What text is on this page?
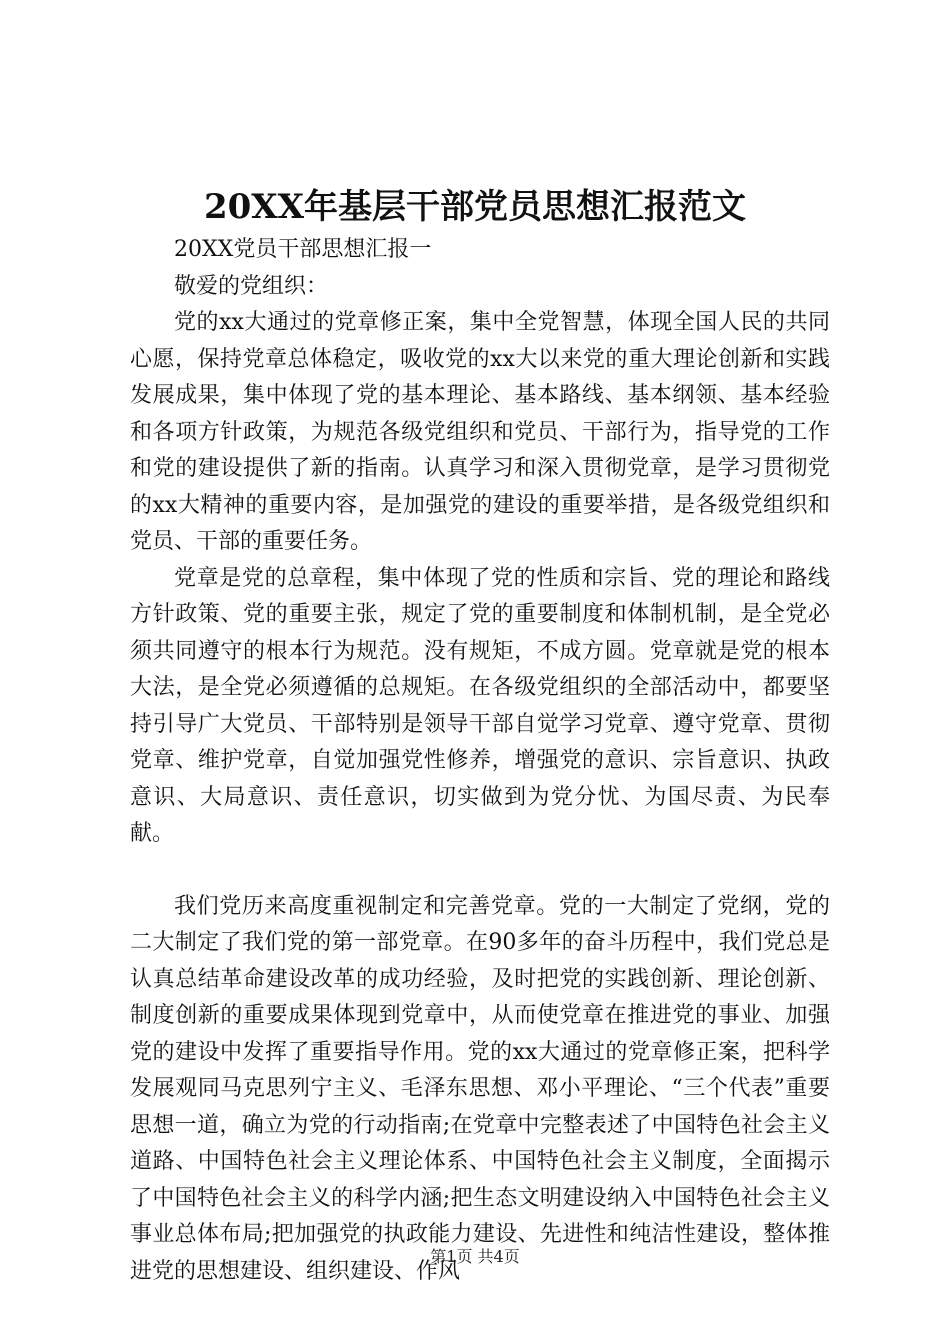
20XX年基层干部党员思想汇报范文

20XX党员干部思想汇报一

敬爱的党组织：

党的xx大通过的党章修正案，集中全党智慧，体现全国人民的共同心愿，保持党章总体稳定，吸收党的xx大以来党的重大理论创新和实践发展成果，集中体现了党的基本理论、基本路线、基本纲领、基本经验和各项方针政策，为规范各级党组织和党员、干部行为，指导党的工作和党的建设提供了新的指南。认真学习和深入贯彻党章，是学习贯彻党的xx大精神的重要内容，是加强党的建设的重要举措，是各级党组织和党员、干部的重要任务。

党章是党的总章程，集中体现了党的性质和宗旨、党的理论和路线方针政策、党的重要主张，规定了党的重要制度和体制机制，是全党必须共同遵守的根本行为规范。没有规矩，不成方圆。党章就是党的根本大法，是全党必须遵循的总规矩。在各级党组织的全部活动中，都要坚持引导广大党员、干部特别是领导干部自觉学习党章、遵守党章、贯彻党章、维护党章，自觉加强党性修养，增强党的意识、宗旨意识、执政意识、大局意识、责任意识，切实做到为党分忧、为国尽责、为民奉献。

我们党历来高度重视制定和完善党章。党的一大制定了党纲，党的二大制定了我们党的第一部党章。在90多年的奋斗历程中，我们党总是认真总结革命建设改革的成功经验，及时把党的实践创新、理论创新、制度创新的重要成果体现到党章中，从而使党章在推进党的事业、加强党的建设中发挥了重要指导作用。党的xx大通过的党章修正案，把科学发展观同马克思列宁主义、毛泽东思想、邓小平理论、“三个代表”重要思想一道，确立为党的行动指南;在党章中完整表述了中国特色社会主义道路、中国特色社会主义理论体系、中国特色社会主义制度，全面揭示了中国特色社会主义的科学内涵;把生态文明建设纳入中国特色社会主义事业总体布局;把加强党的执政能力建设、先进性和纯洁性建设，整体推进党的思想建设、组织建设、作风

第1页 共4页
